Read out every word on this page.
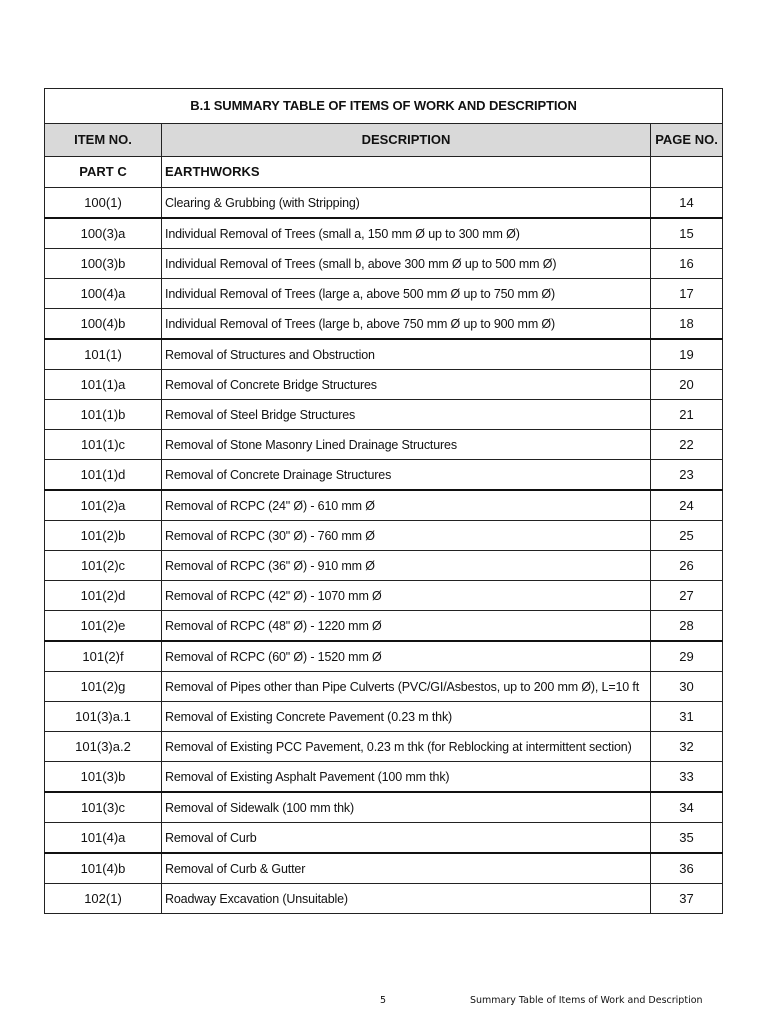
B.1 SUMMARY TABLE OF ITEMS OF WORK AND DESCRIPTION		
ITEM NO.	DESCRIPTION	PAGE NO.
PART C	EARTHWORKS	
100(1)	Clearing & Grubbing (with Stripping)	14
100(3)a	Individual Removal of Trees (small a, 150 mm Ø up to 300 mm Ø)	15
100(3)b	Individual Removal of Trees (small b, above 300 mm Ø up to 500 mm Ø)	16
100(4)a	Individual Removal of Trees (large a, above 500 mm Ø up to 750 mm Ø)	17
100(4)b	Individual Removal of Trees (large b, above 750 mm Ø up to 900 mm Ø)	18
101(1)	Removal of Structures and Obstruction	19
101(1)a	Removal of Concrete Bridge Structures	20
101(1)b	Removal of Steel Bridge Structures	21
101(1)c	Removal of Stone Masonry Lined Drainage Structures	22
101(1)d	Removal of Concrete Drainage Structures	23
101(2)a	Removal of RCPC (24" Ø) - 610 mm Ø	24
101(2)b	Removal of RCPC (30" Ø) - 760 mm Ø	25
101(2)c	Removal of RCPC (36" Ø) - 910 mm Ø	26
101(2)d	Removal of RCPC (42" Ø) - 1070 mm Ø	27
101(2)e	Removal of RCPC (48" Ø) - 1220 mm Ø	28
101(2)f	Removal of RCPC (60" Ø) - 1520 mm Ø	29
101(2)g	Removal of Pipes other than Pipe Culverts (PVC/GI/Asbestos, up to 200 mm Ø), L=10 ft	30
101(3)a.1	Removal of Existing Concrete Pavement (0.23 m thk)	31
101(3)a.2	Removal of Existing PCC Pavement, 0.23 m thk (for Reblocking at intermittent section)	32
101(3)b	Removal of Existing Asphalt Pavement (100 mm thk)	33
101(3)c	Removal of Sidewalk (100 mm thk)	34
101(4)a	Removal of Curb	35
101(4)b	Removal of Curb & Gutter	36
102(1)	Roadway Excavation (Unsuitable)	37
5	Summary Table of Items of Work and Description
